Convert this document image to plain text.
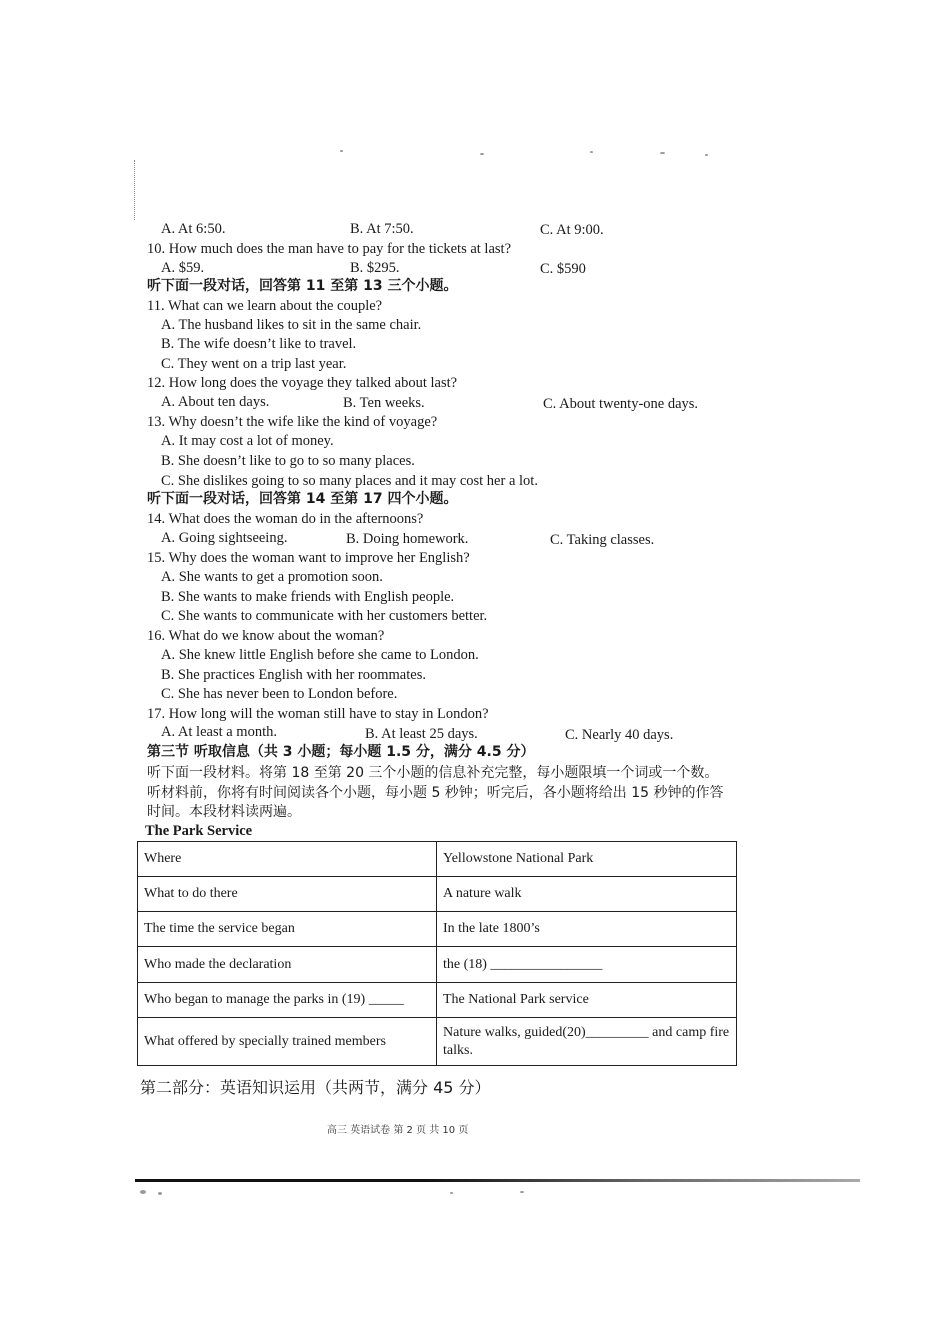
A. At 6:50.	B. At 7:50.	C. At 9:00.
10. How much does the man have to pay for the tickets at last?
A. $59.	B. $295.	C. $590
听下面一段对话，回答第 11 至第 13 三个小题。
11. What can we learn about the couple?
A. The husband likes to sit in the same chair.
B. The wife doesn’t like to travel.
C. They went on a trip last year.
12. How long does the voyage they talked about last?
A. About ten days.	B. Ten weeks.	C. About twenty-one days.
13. Why doesn’t the wife like the kind of voyage?
A. It may cost a lot of money.
B. She doesn’t like to go to so many places.
C. She dislikes going to so many places and it may cost her a lot.
听下面一段对话，回答第 14 至第 17 四个小题。
14. What does the woman do in the afternoons?
A. Going sightseeing.	B. Doing homework.	C. Taking classes.
15. Why does the woman want to improve her English?
A. She wants to get a promotion soon.
B. She wants to make friends with English people.
C. She wants to communicate with her customers better.
16. What do we know about the woman?
A. She knew little English before she came to London.
B. She practices English with her roommates.
C. She has never been to London before.
17. How long will the woman still have to stay in London?
A. At least a month.	B. At least 25 days.	C. Nearly 40 days.
第三节 听取信息（共 3 小题；每小题 1.5 分，满分 4.5 分）
听下面一段材料。将第 18 至第 20 三个小题的信息补充完整，每小题限填一个词或一个数。
听材料前，你将有时间阅读各个小题，每小题 5 秒钟；听完后，各小题将给出 15 秒钟的作答
时间。本段材料读两遍。
The Park Service
Where	Yellowstone National Park
What to do there	A nature walk
The time the service began	In the late 1800’s
Who made the declaration	the (18) ________________
Who began to manage the parks in (19) _____	The National Park service
What offered by specially trained members	Nature walks, guided(20)_________ and camp fire talks.
第二部分：英语知识运用（共两节，满分 45 分）
高三 英语试卷 第 2 页 共 10 页
